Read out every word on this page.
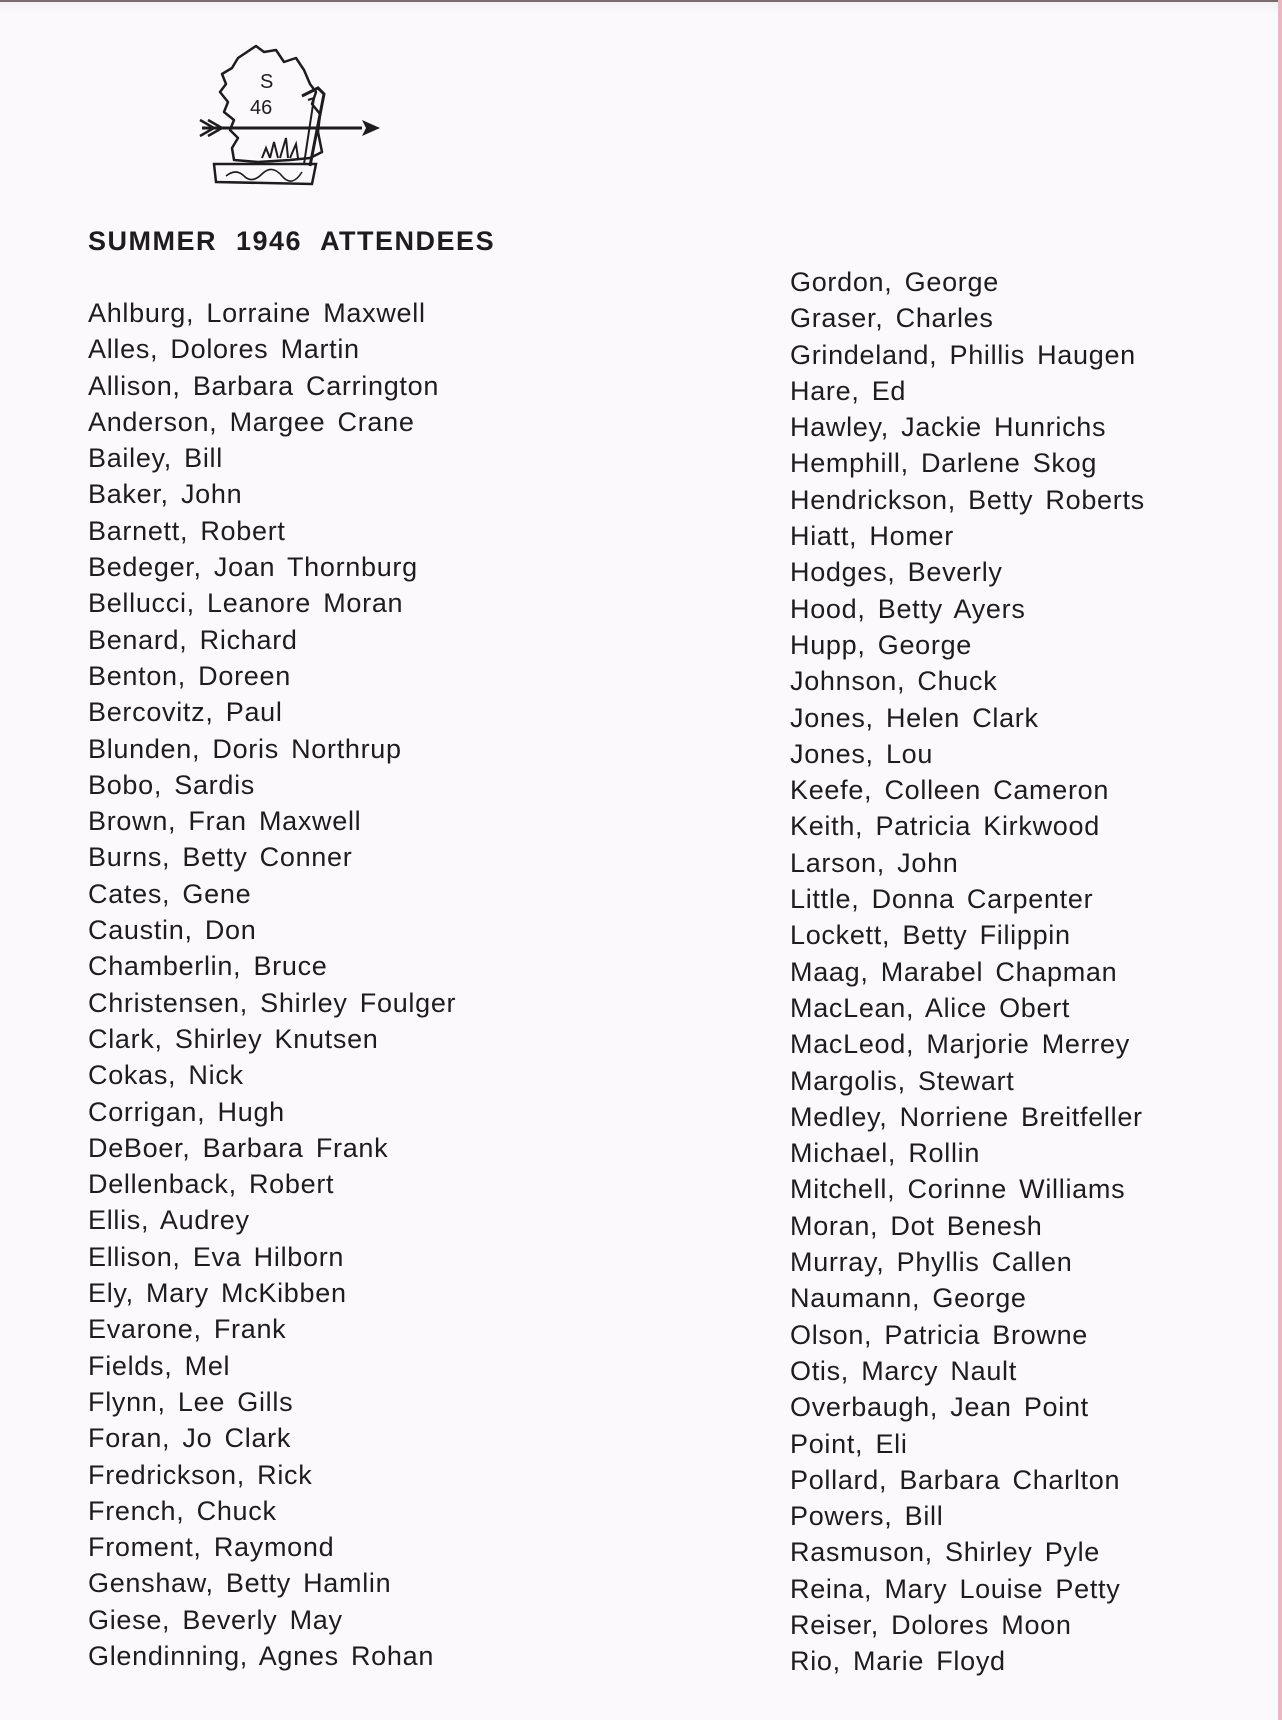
S
46
SUMMER 1946 ATTENDEES
Ahlburg, Lorraine Maxwell
Alles, Dolores Martin
Allison, Barbara Carrington
Anderson, Margee Crane
Bailey, Bill
Baker, John
Barnett, Robert
Bedeger, Joan Thornburg
Bellucci, Leanore Moran
Benard, Richard
Benton, Doreen
Bercovitz, Paul
Blunden, Doris Northrup
Bobo, Sardis
Brown, Fran Maxwell
Burns, Betty Conner
Cates, Gene
Caustin, Don
Chamberlin, Bruce
Christensen, Shirley Foulger
Clark, Shirley Knutsen
Cokas, Nick
Corrigan, Hugh
DeBoer, Barbara Frank
Dellenback, Robert
Ellis, Audrey
Ellison, Eva Hilborn
Ely, Mary McKibben
Evarone, Frank
Fields, Mel
Flynn, Lee Gills
Foran, Jo Clark
Fredrickson, Rick
French, Chuck
Froment, Raymond
Genshaw, Betty Hamlin
Giese, Beverly May
Glendinning, Agnes Rohan
Gordon, George
Graser, Charles
Grindeland, Phillis Haugen
Hare, Ed
Hawley, Jackie Hunrichs
Hemphill, Darlene Skog
Hendrickson, Betty Roberts
Hiatt, Homer
Hodges, Beverly
Hood, Betty Ayers
Hupp, George
Johnson, Chuck
Jones, Helen Clark
Jones, Lou
Keefe, Colleen Cameron
Keith, Patricia Kirkwood
Larson, John
Little, Donna Carpenter
Lockett, Betty Filippin
Maag, Marabel Chapman
MacLean, Alice Obert
MacLeod, Marjorie Merrey
Margolis, Stewart
Medley, Norriene Breitfeller
Michael, Rollin
Mitchell, Corinne Williams
Moran, Dot Benesh
Murray, Phyllis Callen
Naumann, George
Olson, Patricia Browne
Otis, Marcy Nault
Overbaugh, Jean Point
Point, Eli
Pollard, Barbara Charlton
Powers, Bill
Rasmuson, Shirley Pyle
Reina, Mary Louise Petty
Reiser, Dolores Moon
Rio, Marie Floyd
